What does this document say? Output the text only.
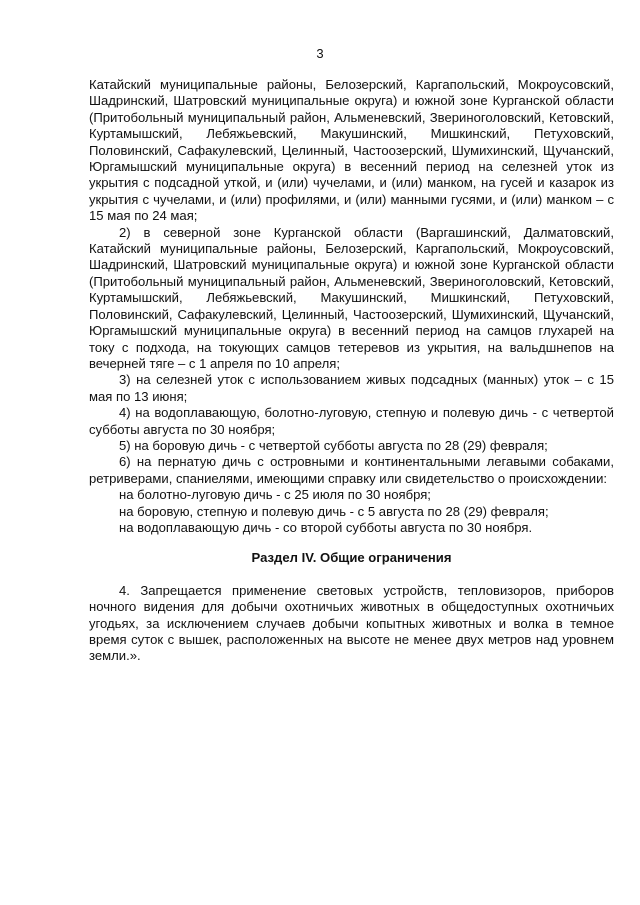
3

Катайский муниципальные районы, Белозерский, Каргапольский, Мокроусовский, Шадринский, Шатровский муниципальные округа) и южной зоне Курганской области (Притобольный муниципальный район, Альменевский, Звериноголовский, Кетовский, Куртамышский, Лебяжьевский, Макушинский, Мишкинский, Петуховский, Половинский, Сафакулевский, Целинный, Частоозерский, Шумихинский, Щучанский, Юргамышский муниципальные округа) в весенний период на селезней уток из укрытия с подсадной уткой, и (или) чучелами, и (или) манком, на гусей и казарок из укрытия с чучелами, и (или) профилями, и (или) манными гусями, и (или) манком – с 15 мая по 24 мая;

2) в северной зоне Курганской области (Варгашинский, Далматовский, Катайский муниципальные районы, Белозерский, Каргапольский, Мокроусовский, Шадринский, Шатровский муниципальные округа) и южной зоне Курганской области (Притобольный муниципальный район, Альменевский, Звериноголовский, Кетовский, Куртамышский, Лебяжьевский, Макушинский, Мишкинский, Петуховский, Половинский, Сафакулевский, Целинный, Частоозерский, Шумихинский, Щучанский, Юргамышский муниципальные округа) в весенний период на самцов глухарей на току с подхода, на токующих самцов тетеревов из укрытия, на вальдшнепов на вечерней тяге – с 1 апреля по 10 апреля;

3) на селезней уток с использованием живых подсадных (манных) уток – с 15 мая по 13 июня;

4) на водоплавающую, болотно-луговую, степную и полевую дичь - с четвертой субботы августа по 30 ноября;

5) на боровую дичь - с четвертой субботы августа по 28 (29) февраля;

6) на пернатую дичь с островными и континентальными легавыми собаками, ретриверами, спаниелями, имеющими справку или свидетельство о происхождении:

на болотно-луговую дичь - с 25 июля по 30 ноября;

на боровую, степную и полевую дичь - с 5 августа по 28 (29) февраля;

на водоплавающую дичь - со второй субботы августа по 30 ноября.

Раздел IV. Общие ограничения

4. Запрещается применение световых устройств, тепловизоров, приборов ночного видения для добычи охотничьих животных в общедоступных охотничьих угодьях, за исключением случаев добычи копытных животных и волка в темное время суток с вышек, расположенных на высоте не менее двух метров над уровнем земли.».
